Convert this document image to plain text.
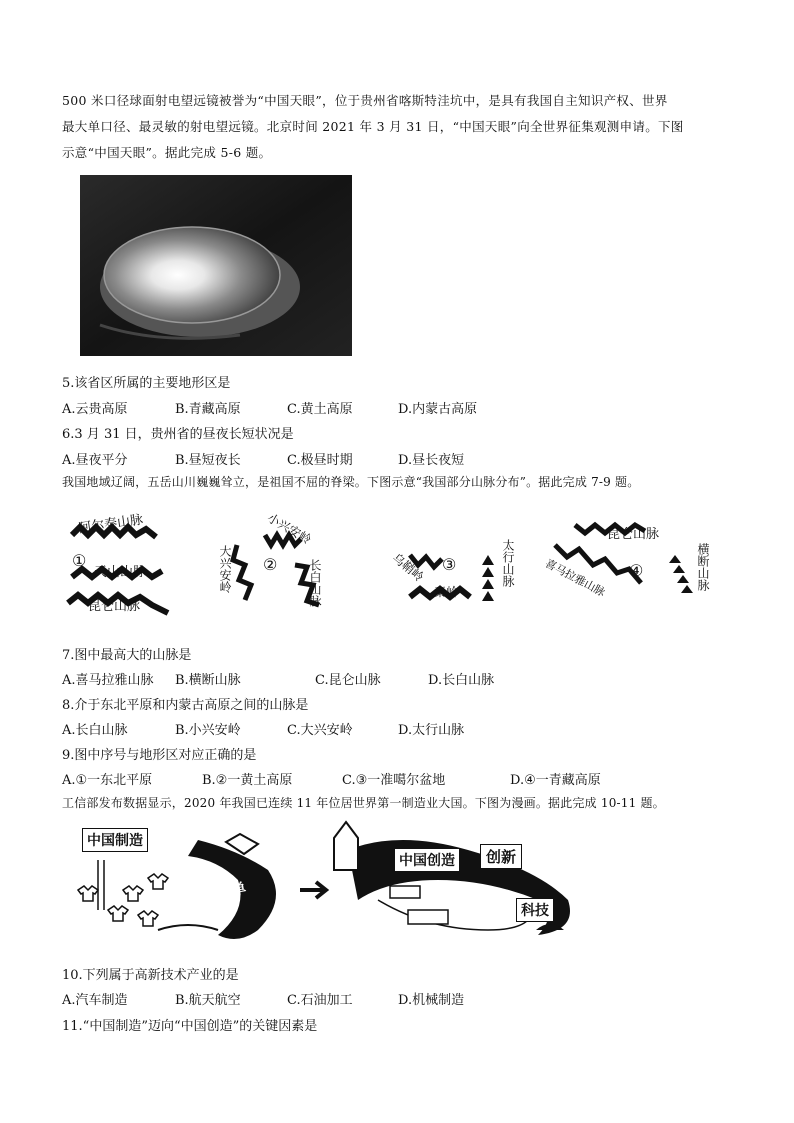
500 米口径球面射电望远镜被誉为“中国天眼”，位于贵州省喀斯特洼坑中，是具有我国自主知识产权、世界
最大单口径、最灵敏的射电望远镜。北京时间 2021 年 3 月 31 日，“中国天眼”向全世界征集观测申请。下图
示意“中国天眼”。据此完成 5-6 题。
5.该省区所属的主要地形区是
A.云贵高原	B.青藏高原	C.黄土高原	D.内蒙古高原
6.3 月 31 日，贵州省的昼夜长短状况是
A.昼夜平分	B.昼短夜长	C.极昼时期	D.昼长夜短
我国地域辽阔，五岳山川巍巍耸立，是祖国不屈的脊梁。下图示意“我国部分山脉分布”。据此完成 7-9 题。
阿尔泰山脉
①
天山山脉
昆仑山脉
小兴安岭
大兴安岭 ②	长白山脉	乌鞘岭 ③	太行山脉
秦岭
昆仑山脉
喜马拉雅山脉 ④	横断山脉
7.图中最高大的山脉是
A.喜马拉雅山脉 B.横断山脉	C.昆仑山脉	D.长白山脉
8.介于东北平原和内蒙古高原之间的山脉是
A.长白山脉	B.小兴安岭	C.大兴安岭	D.太行山脉
9.图中序号与地形区对应正确的是
A.①一东北平原	B.②一黄土高原	C.③一准噶尔盆地	D.④一青藏高原
工信部发布数据显示，2020 年我国已连续 11 年位居世界第一制造业大国。下图为漫画。据此完成 10-11 题。
中国制造
订单
中国创造	创新
科技
10.下列属于高新技术产业的是
A.汽车制造	B.航天航空	C.石油加工	D.机械制造
11.“中国制造”迈向“中国创造”的关键因素是
